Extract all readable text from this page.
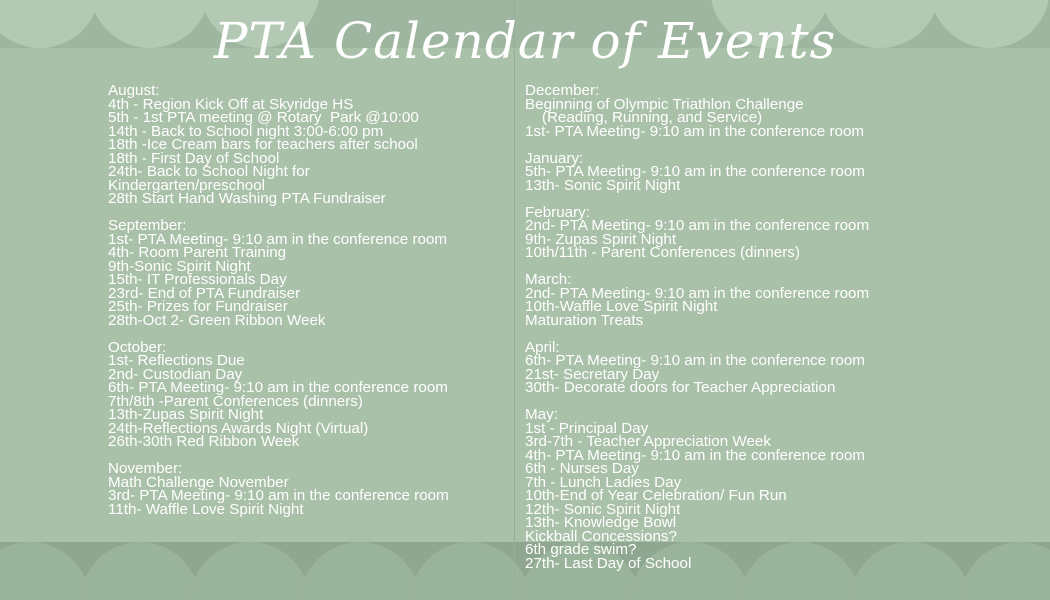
PTA Calendar of Events
August:
4th - Region Kick Off at Skyridge HS
5th - 1st PTA meeting @ Rotary  Park @10:00
14th - Back to School night 3:00-6:00 pm
18th -Ice Cream bars for teachers after school
18th - First Day of School
24th- Back to School Night for Kindergarten/preschool
28th Start Hand Washing PTA Fundraiser
September:
1st- PTA Meeting- 9:10 am in the conference room
4th- Room Parent Training
9th-Sonic Spirit Night
15th- IT Professionals Day
23rd- End of PTA Fundraiser
25th- Prizes for Fundraiser
28th-Oct 2- Green Ribbon Week
October:
1st- Reflections Due
2nd- Custodian Day
6th- PTA Meeting- 9:10 am in the conference room
7th/8th -Parent Conferences (dinners)
13th-Zupas Spirit Night
24th-Reflections Awards Night (Virtual)
26th-30th Red Ribbon Week
November:
Math Challenge November
3rd- PTA Meeting- 9:10 am in the conference room
11th- Waffle Love Spirit Night
December:
Beginning of Olympic Triathlon Challenge
(Reading, Running, and Service)
1st- PTA Meeting- 9:10 am in the conference room
January:
5th- PTA Meeting- 9:10 am in the conference room
13th- Sonic Spirit Night
February:
2nd- PTA Meeting- 9:10 am in the conference room
9th- Zupas Spirit Night
10th/11th - Parent Conferences (dinners)
March:
2nd- PTA Meeting- 9:10 am in the conference room
10th-Waffle Love Spirit Night
Maturation Treats
April:
6th- PTA Meeting- 9:10 am in the conference room
21st- Secretary Day
30th- Decorate doors for Teacher Appreciation
May:
1st - Principal Day
3rd-7th - Teacher Appreciation Week
4th- PTA Meeting- 9:10 am in the conference room
6th - Nurses Day
7th - Lunch Ladies Day
10th-End of Year Celebration/ Fun Run
12th- Sonic Spirit Night
13th- Knowledge Bowl
Kickball Concessions?
6th grade swim?
27th- Last Day of School
